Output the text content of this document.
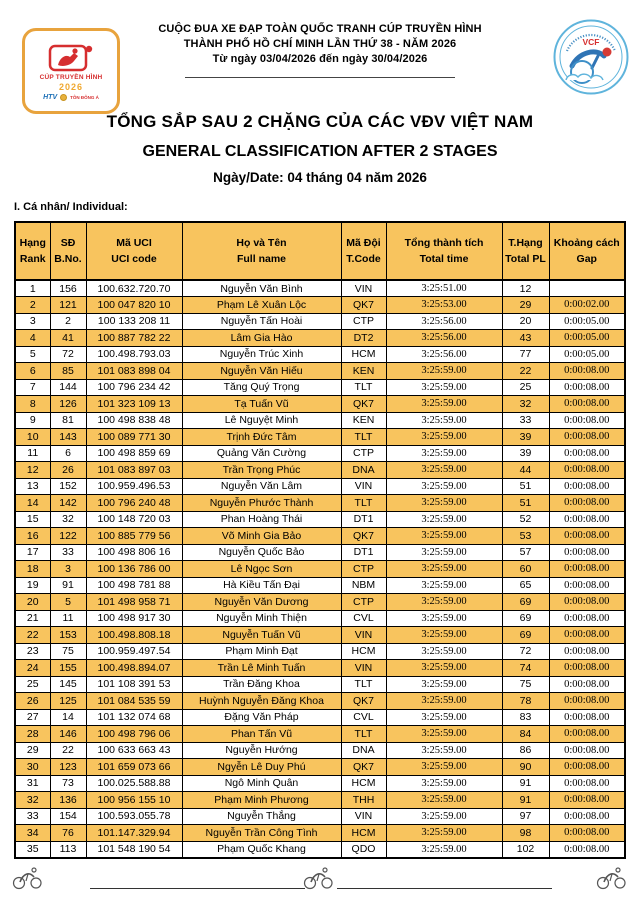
CUỘC ĐUA XE ĐẠP TOÀN QUỐC TRANH CÚP TRUYỀN HÌNH
THÀNH PHỐ HỒ CHÍ MINH LẦN THỨ 38 - NĂM 2026
Từ ngày 03/04/2026 đến ngày 30/04/2026
CÚP TRUYỀN HÌNH
2026
HTV	TÔN ĐÔNG Á
VCF
TỔNG SẮP SAU 2 CHẶNG CỦA CÁC VĐV VIỆT NAM
GENERAL CLASSIFICATION AFTER 2 STAGES
Ngày/Date: 04 tháng 04 năm 2026
I. Cá nhân/ Individual:
Hạng
Rank

SĐ
B.No.

Mã UCI
UCI code

Họ và Tên
Full name

Mã Đội
T.Code

Tổng thành tích
Total time

T.Hạng
Total PL

Khoảng cách
Gap

1	156	100.632.720.70	Nguyễn Văn Bình	VIN	3:25:51.00	12	
2	121	100 047 820 10	Phạm Lê Xuân Lộc	QK7	3:25:53.00	29	0:00:02.00
3	2	100 133 208 11	Nguyễn Tấn Hoài	CTP	3:25:56.00	20	0:00:05.00
4	41	100 887 782 22	Lâm Gia Hào	DT2	3:25:56.00	43	0:00:05.00
5	72	100.498.793.03	Nguyễn Trúc Xinh	HCM	3:25:56.00	77	0:00:05.00
6	85	101 083 898 04	Nguyễn Văn Hiếu	KEN	3:25:59.00	22	0:00:08.00
7	144	100 796 234 42	Tăng Quý Trọng	TLT	3:25:59.00	25	0:00:08.00
8	126	101 323 109 13	Tạ Tuấn Vũ	QK7	3:25:59.00	32	0:00:08.00
9	81	100 498 838 48	Lê Nguyệt Minh	KEN	3:25:59.00	33	0:00:08.00
10	143	100 089 771 30	Trịnh Đức Tâm	TLT	3:25:59.00	39	0:00:08.00
11	6	100 498 859 69	Quảng Văn Cường	CTP	3:25:59.00	39	0:00:08.00
12	26	101 083 897 03	Trần Trọng Phúc	DNA	3:25:59.00	44	0:00:08.00
13	152	100.959.496.53	Nguyễn Văn Lâm	VIN	3:25:59.00	51	0:00:08.00
14	142	100 796 240 48	Nguyễn Phước Thành	TLT	3:25:59.00	51	0:00:08.00
15	32	100 148 720 03	Phan Hoàng Thái	DT1	3:25:59.00	52	0:00:08.00
16	122	100 885 779 56	Võ Minh Gia Bảo	QK7	3:25:59.00	53	0:00:08.00
17	33	100 498 806 16	Nguyễn Quốc Bảo	DT1	3:25:59.00	57	0:00:08.00
18	3	100 136 786 00	Lê Ngọc Sơn	CTP	3:25:59.00	60	0:00:08.00
19	91	100 498 781 88	Hà Kiều Tấn Đại	NBM	3:25:59.00	65	0:00:08.00
20	5	101 498 958 71	Nguyễn Văn Dương	CTP	3:25:59.00	69	0:00:08.00
21	11	100 498 917 30	Nguyễn Minh Thiện	CVL	3:25:59.00	69	0:00:08.00
22	153	100.498.808.18	Nguyễn Tuấn Vũ	VIN	3:25:59.00	69	0:00:08.00
23	75	100.959.497.54	Phạm Minh Đạt	HCM	3:25:59.00	72	0:00:08.00
24	155	100.498.894.07	Trần Lê Minh Tuấn	VIN	3:25:59.00	74	0:00:08.00
25	145	101 108 391 53	Trần Đăng Khoa	TLT	3:25:59.00	75	0:00:08.00
26	125	101 084 535 59	Huỳnh Nguyễn Đăng Khoa	QK7	3:25:59.00	78	0:00:08.00
27	14	101 132 074 68	Đặng Văn Pháp	CVL	3:25:59.00	83	0:00:08.00
28	146	100 498 796 06	Phan Tấn Vũ	TLT	3:25:59.00	84	0:00:08.00
29	22	100 633 663 43	Nguyễn Hướng	DNA	3:25:59.00	86	0:00:08.00
30	123	101 659 073 66	Ngyễn Lê Duy Phú	QK7	3:25:59.00	90	0:00:08.00
31	73	100.025.588.88	Ngô Minh Quân	HCM	3:25:59.00	91	0:00:08.00
32	136	100 956 155 10	Phạm Minh Phương	THH	3:25:59.00	91	0:00:08.00
33	154	100.593.055.78	Nguyễn Thắng	VIN	3:25:59.00	97	0:00:08.00
34	76	101.147.329.94	Nguyễn Trần Công Tình	HCM	3:25:59.00	98	0:00:08.00
35	113	101 548 190 54	Phạm Quốc Khang	QDO	3:25:59.00	102	0:00:08.00
